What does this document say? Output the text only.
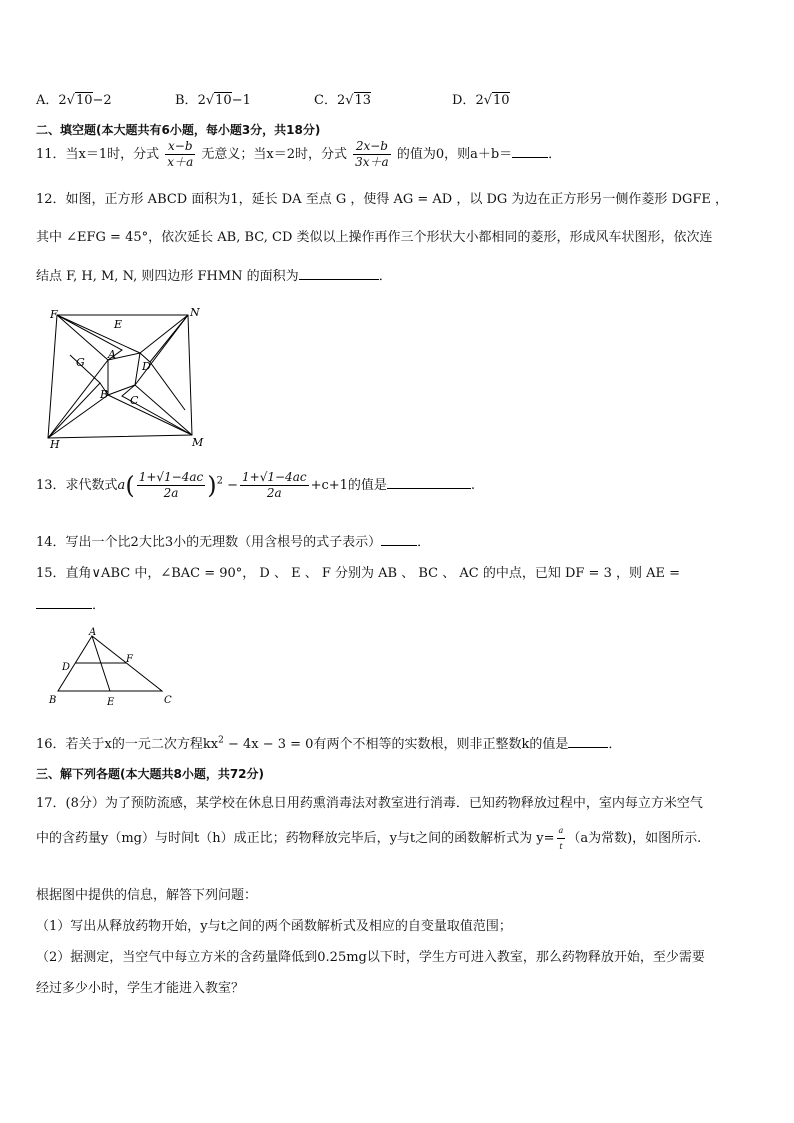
A．2√10−2	B．2√10−1	C．2√13	D．2√10
二、填空题(本大题共有6小题，每小题3分，共18分)
11．当x＝1时，分式 $\frac{x-b}{x+a}$ 无意义；当x＝2时，分式 $\frac{2x-b}{3x+a}$ 的值为0，则a＋b＝	．
12．如图，正方形 ABCD 面积为1，延长 DA 至点 G ，使得 AG = AD ，以 DG 为边在正方形另一侧作菱形 DGFE ，
其中 ∠EFG = 45°，依次延长 AB, BC, CD 类似以上操作再作三个形状大小都相同的菱形，形成风车状图形，依次连
结点 F, H, M, N, 则四边形 FHMN 的面积为	．
F
E
N
G
A
D
B C
H	M
13．求代数式$a( \frac{1+√1-4ac}{2a} )^2 - \frac{1+√1-4ac}{2a} +c+1$的值是	.
14．写出一个比2大比3小的无理数（用含根号的式子表示）	．
15．直角∨ABC 中，∠BAC = 90°， D 、 E 、 F 分别为 AB 、 BC 、 AC 的中点，已知 DF = 3 ，则 AE =
．
A
D
F
B	E	C
16．若关于x的一元二次方程$kx^2 - 4x - 3 = 0$有两个不相等的实数根，则非正整数k的值是	．
三、解下列各题(本大题共8小题，共72分)
17．(8分）为了预防流感，某学校在休息日用药熏消毒法对教室进行消毒．已知药物释放过程中，室内每立方米空气
中的含药量y（mg）与时间t（h）成正比；药物释放完毕后，y与t之间的函数解析式为 $y= \frac{a}{t} (a$为常数)，如图所示.
根据图中提供的信息，解答下列问题：
（1）写出从释放药物开始，y与t之间的两个函数解析式及相应的自变量取值范围；
（2）据测定，当空气中每立方米的含药量降低到0.25mg以下时，学生方可进入教室，那么药物释放开始，至少需要
经过多少小时，学生才能进入教室？
